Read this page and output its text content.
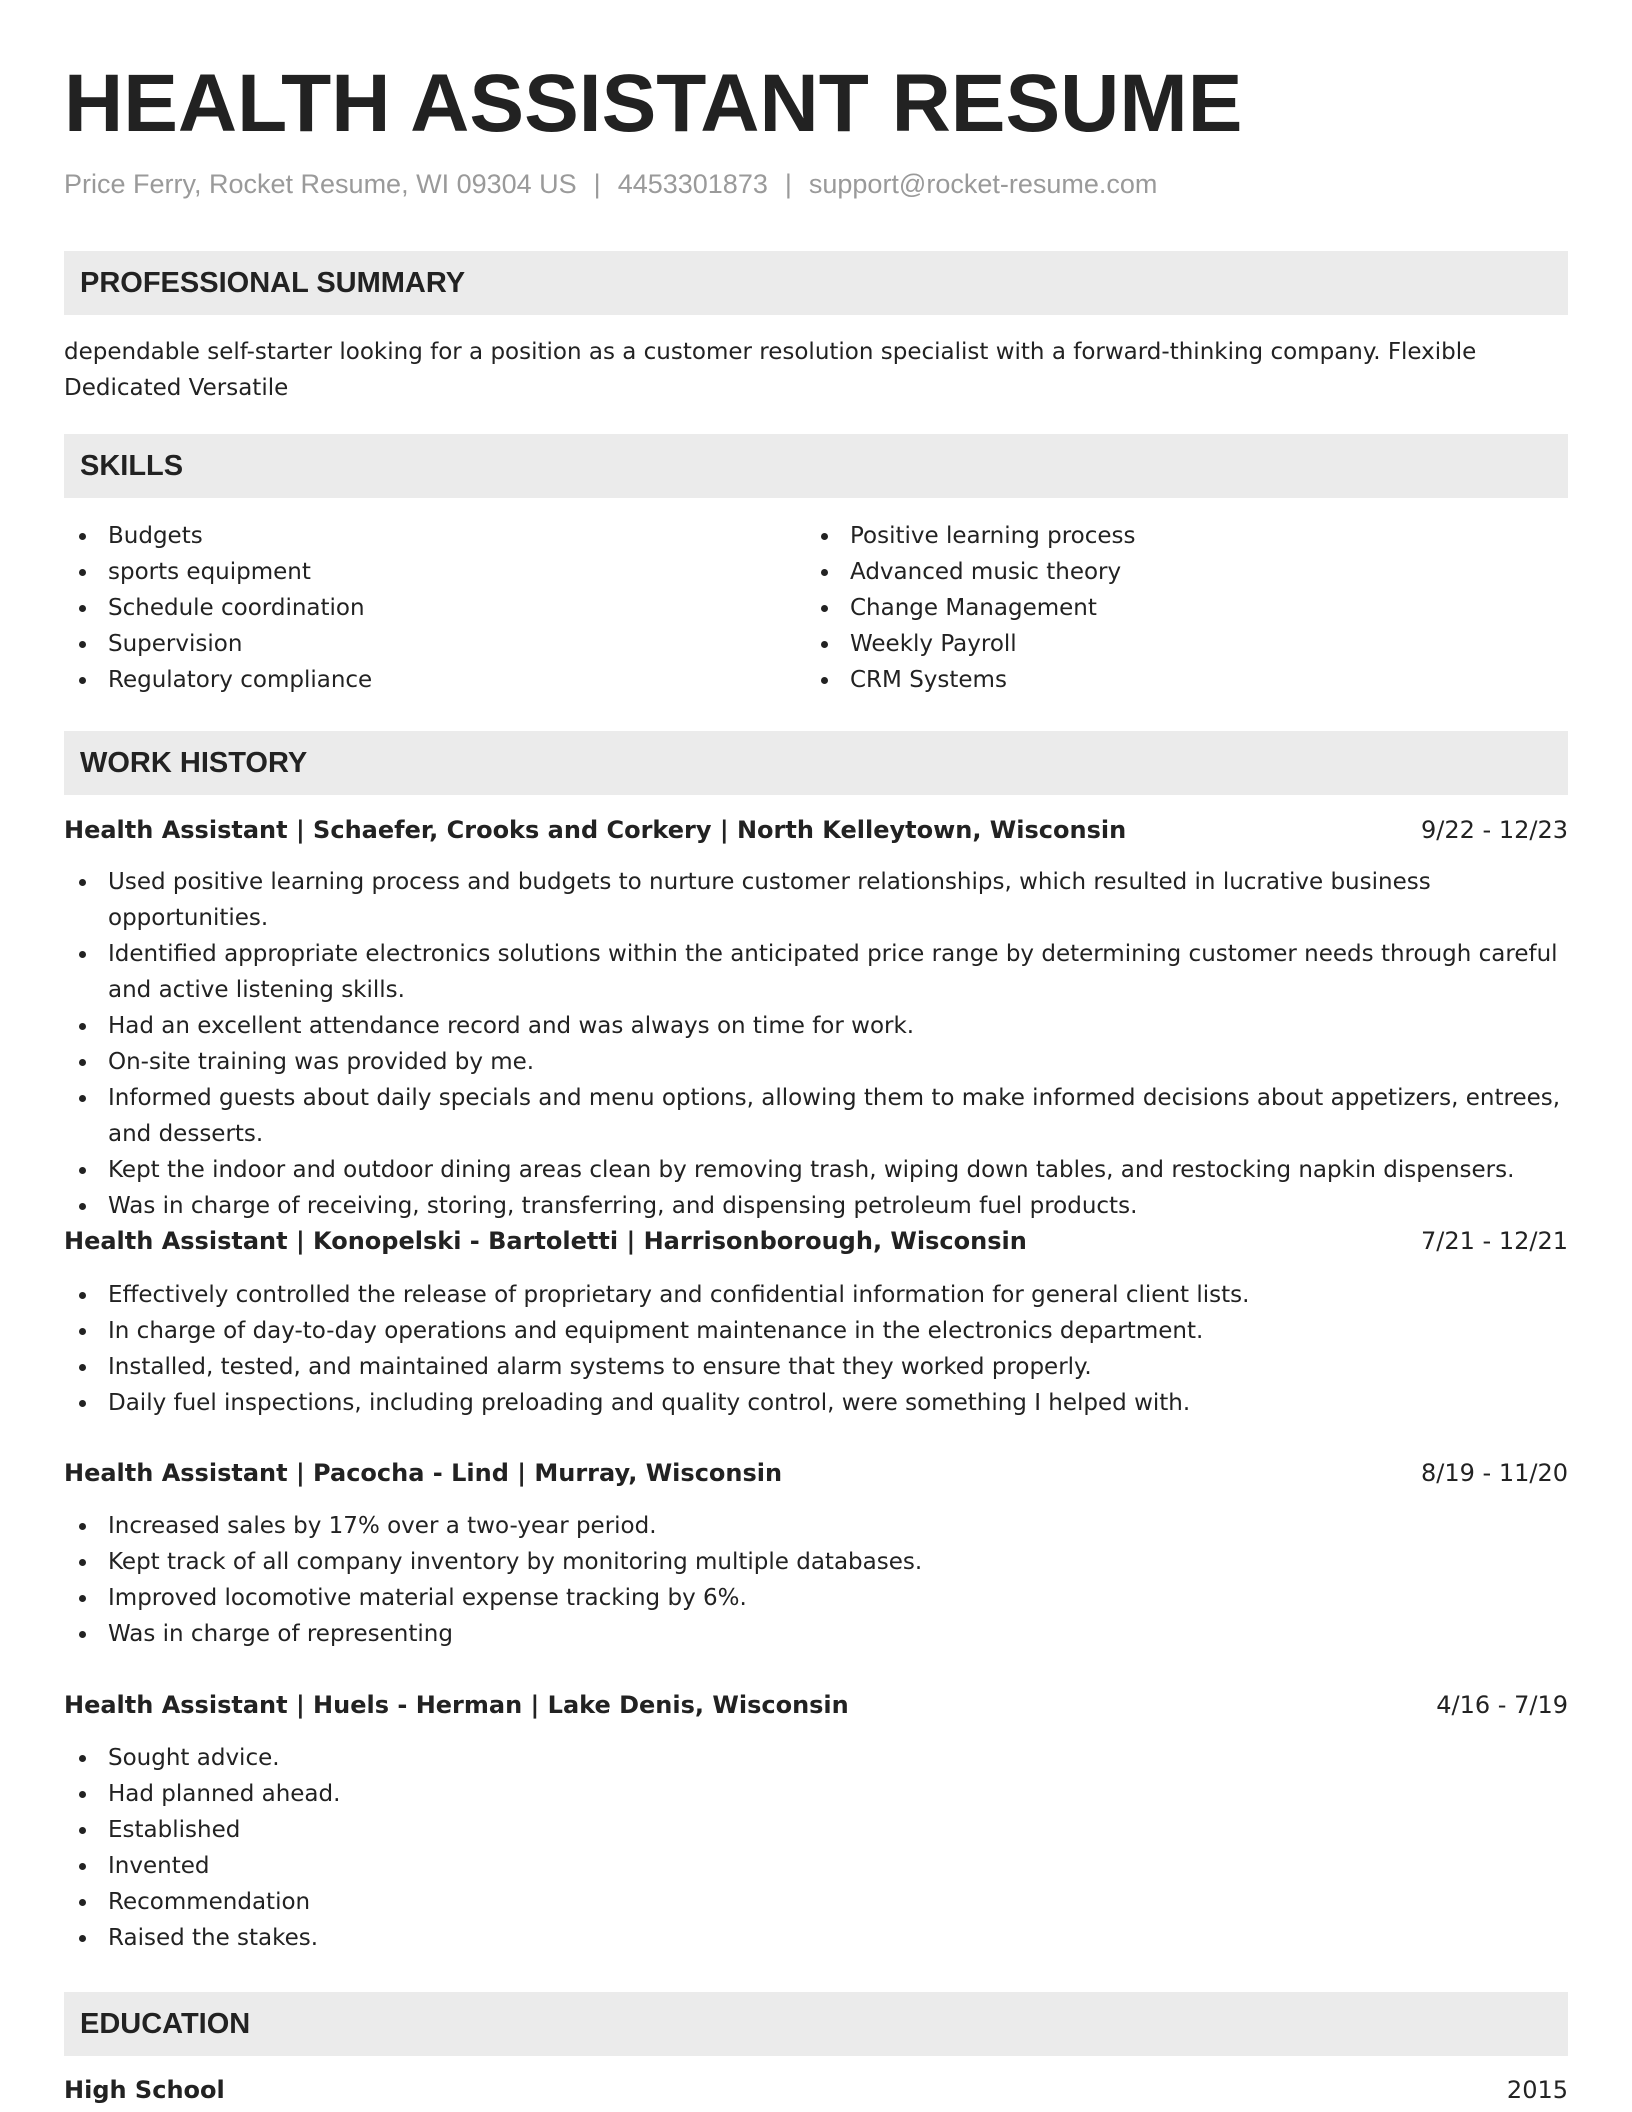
HEALTH ASSISTANT RESUME
Price Ferry, Rocket Resume, WI 09304 US | 4453301873 | support@rocket-resume.com
PROFESSIONAL SUMMARY
dependable self-starter looking for a position as a customer resolution specialist with a forward-thinking company. Flexible Dedicated Versatile
SKILLS
Budgets
sports equipment
Schedule coordination
Supervision
Regulatory compliance
Positive learning process
Advanced music theory
Change Management
Weekly Payroll
CRM Systems
WORK HISTORY
Health Assistant | Schaefer, Crooks and Corkery | North Kelleytown, Wisconsin	9/22 - 12/23
Used positive learning process and budgets to nurture customer relationships, which resulted in lucrative business opportunities.
Identified appropriate electronics solutions within the anticipated price range by determining customer needs through careful and active listening skills.
Had an excellent attendance record and was always on time for work.
On-site training was provided by me.
Informed guests about daily specials and menu options, allowing them to make informed decisions about appetizers, entrees, and desserts.
Kept the indoor and outdoor dining areas clean by removing trash, wiping down tables, and restocking napkin dispensers.
Was in charge of receiving, storing, transferring, and dispensing petroleum fuel products.
Health Assistant | Konopelski - Bartoletti | Harrisonborough, Wisconsin	7/21 - 12/21
Effectively controlled the release of proprietary and confidential information for general client lists.
In charge of day-to-day operations and equipment maintenance in the electronics department.
Installed, tested, and maintained alarm systems to ensure that they worked properly.
Daily fuel inspections, including preloading and quality control, were something I helped with.
Health Assistant | Pacocha - Lind | Murray, Wisconsin	8/19 - 11/20
Increased sales by 17% over a two-year period.
Kept track of all company inventory by monitoring multiple databases.
Improved locomotive material expense tracking by 6%.
Was in charge of representing
Health Assistant | Huels - Herman | Lake Denis, Wisconsin	4/16 - 7/19
Sought advice.
Had planned ahead.
Established
Invented
Recommendation
Raised the stakes.
EDUCATION
High School	2015
